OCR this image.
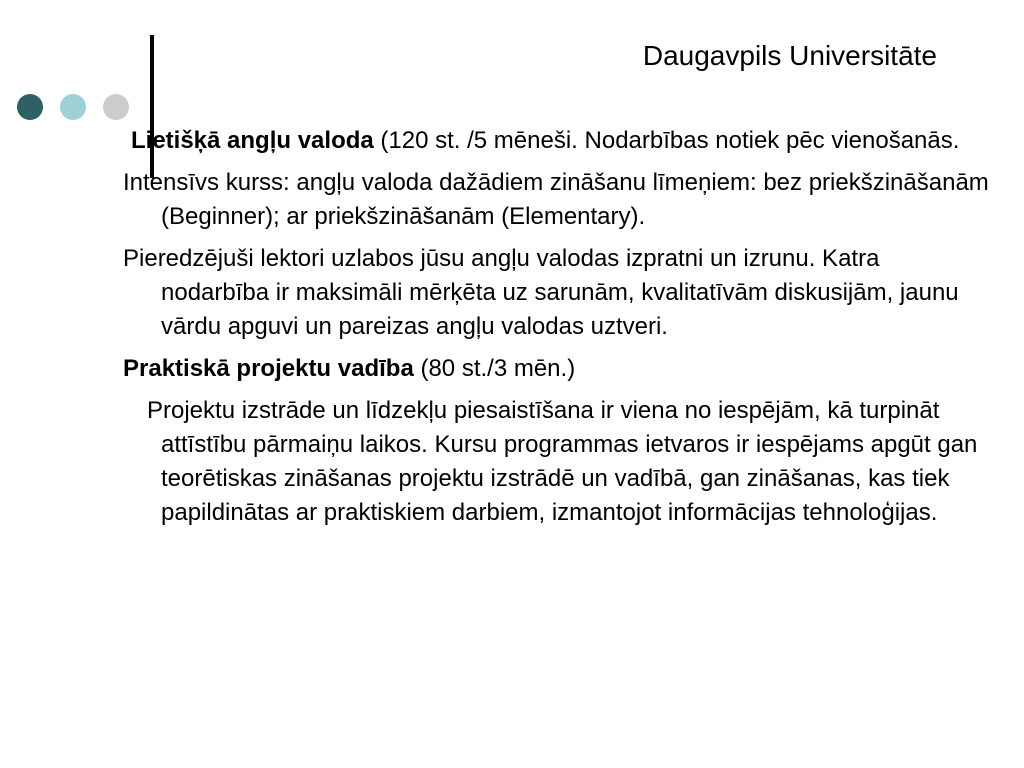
Daugavpils Universitāte

Lietišķā angļu valoda (120 st. /5 mēneši. Nodarbības notiek pēc vienošanās.

Intensīvs kurss: angļu valoda dažādiem zināšanu līmeņiem: bez priekšzināšanām (Beginner); ar priekšzināšanām (Elementary).

Pieredzējuši lektori uzlabos jūsu angļu valodas izpratni un izrunu. Katra nodarbība ir maksimāli mērķēta uz sarunām, kvalitatīvām diskusijām, jaunu vārdu apguvi un pareizas angļu valodas uztveri.

Praktiskā projektu vadība (80 st./3 mēn.)

Projektu izstrāde un līdzekļu piesaistīšana ir viena no iespējām, kā turpināt attīstību pārmaiņu laikos. Kursu programmas ietvaros ir iespējams apgūt gan teorētiskas zināšanas projektu izstrādē un vadībā, gan zināšanas, kas tiek papildinātas ar praktiskiem darbiem, izmantojot informācijas tehnoloģijas.
